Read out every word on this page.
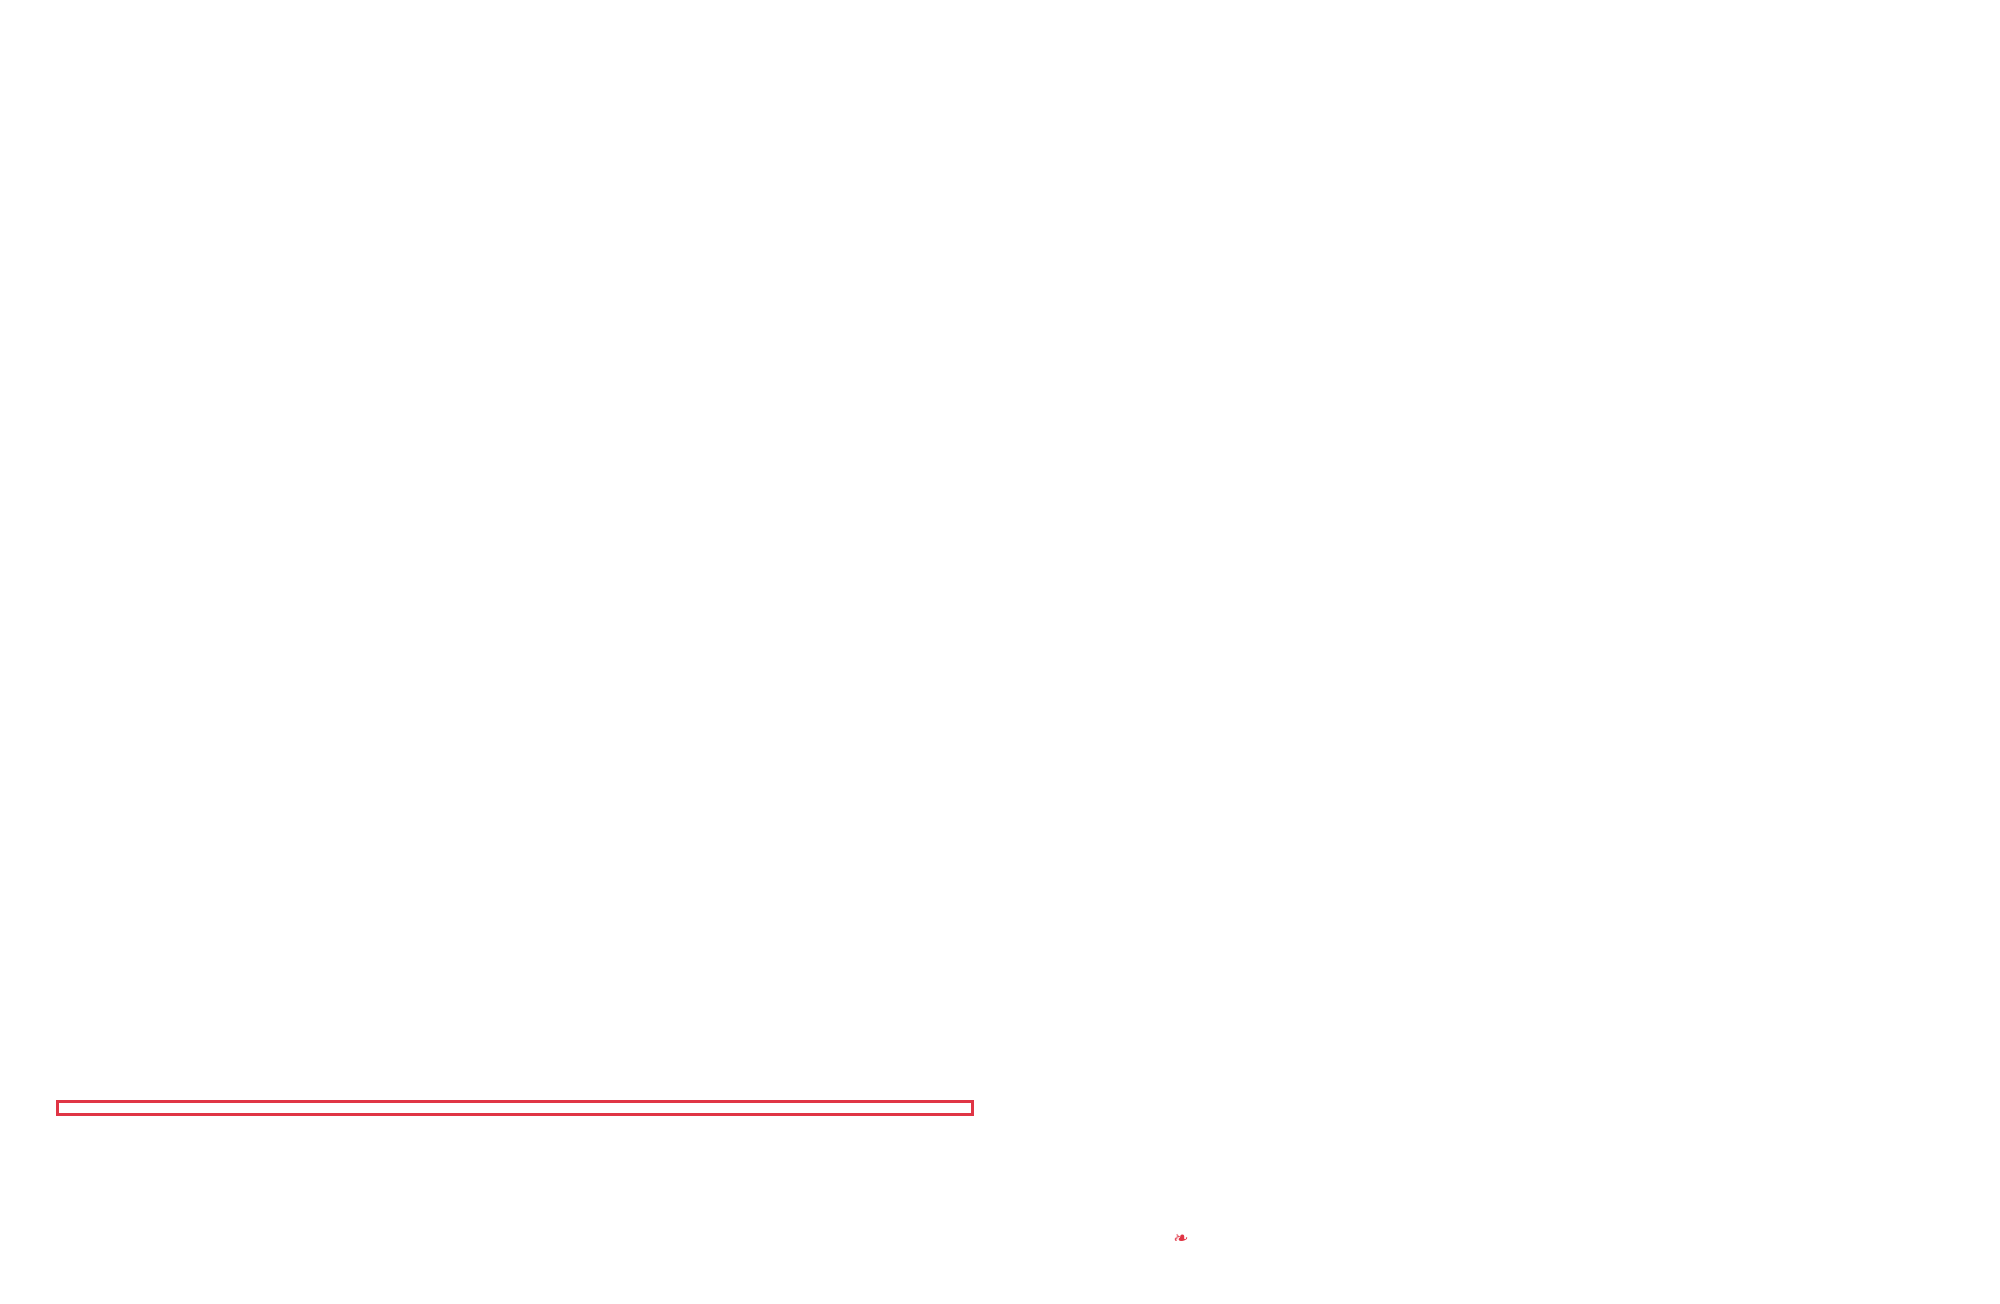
❧
